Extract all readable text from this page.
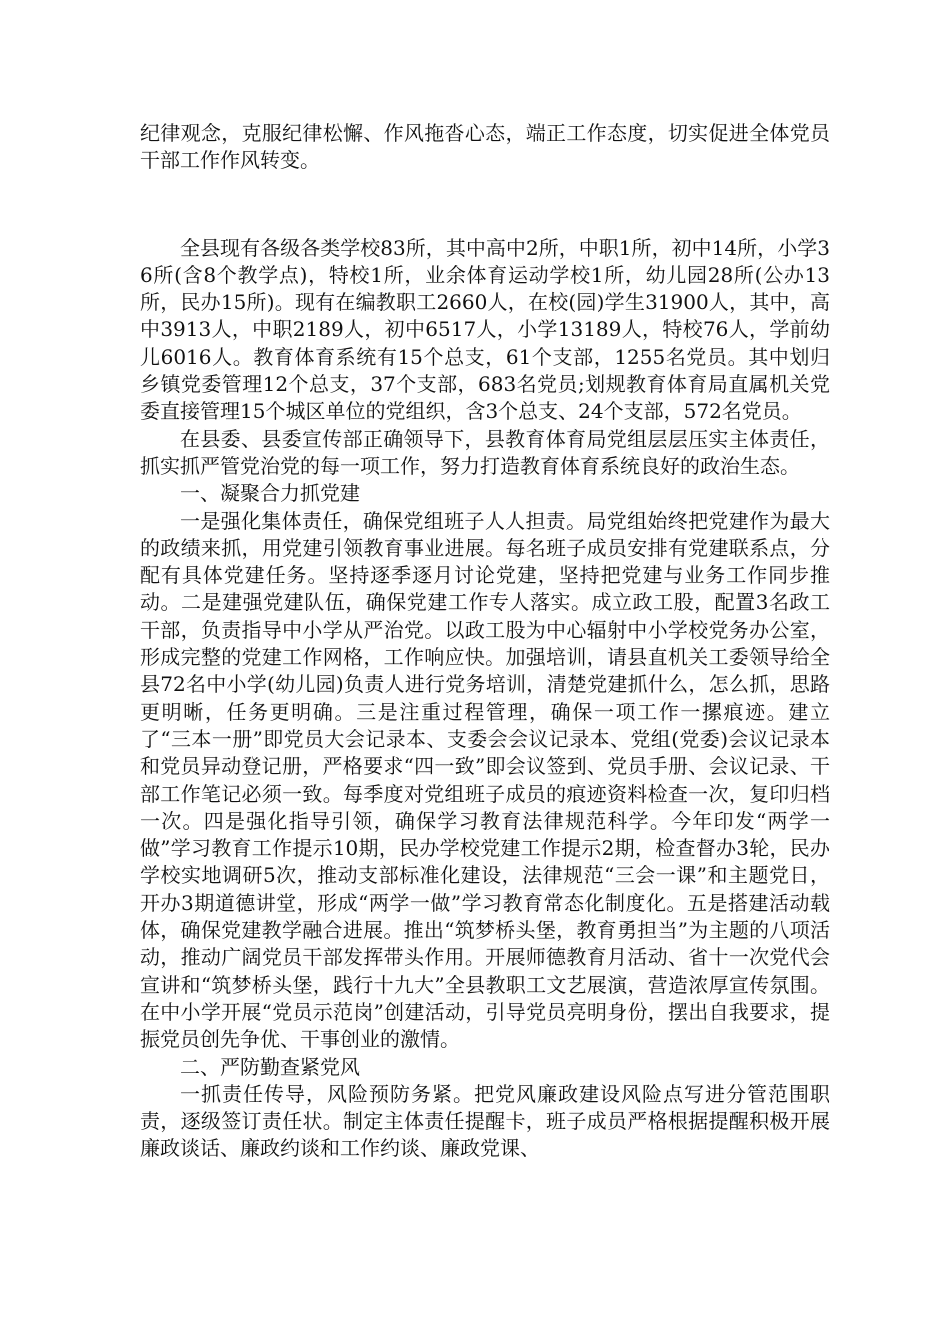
纪律观念，克服纪律松懈、作风拖沓心态，端正工作态度，切实促进全体党员干部工作作风转变。

全县现有各级各类学校83所，其中高中2所，中职1所，初中14所，小学36所(含8个教学点)，特校1所，业余体育运动学校1所，幼儿园28所(公办13所，民办15所)。现有在编教职工2660人，在校(园)学生31900人，其中，高中3913人，中职2189人，初中6517人，小学13189人，特校76人，学前幼儿6016人。教育体育系统有15个总支，61个支部，1255名党员。其中划归乡镇党委管理12个总支，37个支部，683名党员;划规教育体育局直属机关党委直接管理15个城区单位的党组织，含3个总支、24个支部，572名党员。

在县委、县委宣传部正确领导下，县教育体育局党组层层压实主体责任，抓实抓严管党治党的每一项工作，努力打造教育体育系统良好的政治生态。

一、凝聚合力抓党建

一是强化集体责任，确保党组班子人人担责。局党组始终把党建作为最大的政绩来抓，用党建引领教育事业进展。每名班子成员安排有党建联系点，分配有具体党建任务。坚持逐季逐月讨论党建，坚持把党建与业务工作同步推动。二是建强党建队伍，确保党建工作专人落实。成立政工股，配置3名政工干部，负责指导中小学从严治党。以政工股为中心辐射中小学校党务办公室，形成完整的党建工作网格，工作响应快。加强培训，请县直机关工委领导给全县72名中小学(幼儿园)负责人进行党务培训，清楚党建抓什么，怎么抓，思路更明晰，任务更明确。三是注重过程管理，确保一项工作一摞痕迹。建立了“三本一册”即党员大会记录本、支委会会议记录本、党组(党委)会议记录本和党员异动登记册，严格要求“四一致”即会议签到、党员手册、会议记录、干部工作笔记必须一致。每季度对党组班子成员的痕迹资料检查一次，复印归档一次。四是强化指导引领，确保学习教育法律规范科学。今年印发“两学一做”学习教育工作提示10期，民办学校党建工作提示2期，检查督办3轮，民办学校实地调研5次，推动支部标准化建设，法律规范“三会一课”和主题党日，开办3期道德讲堂，形成“两学一做”学习教育常态化制度化。五是搭建活动载体，确保党建教学融合进展。推出“筑梦桥头堡，教育勇担当”为主题的八项活动，推动广阔党员干部发挥带头作用。开展师德教育月活动、省十一次党代会宣讲和“筑梦桥头堡，践行十九大”全县教职工文艺展演，营造浓厚宣传氛围。在中小学开展“党员示范岗”创建活动，引导党员亮明身份，摆出自我要求，提振党员创先争优、干事创业的激情。

二、严防勤查紧党风

一抓责任传导，风险预防务紧。把党风廉政建设风险点写进分管范围职责，逐级签订责任状。制定主体责任提醒卡，班子成员严格根据提醒积极开展廉政谈话、廉政约谈和工作约谈、廉政党课、
